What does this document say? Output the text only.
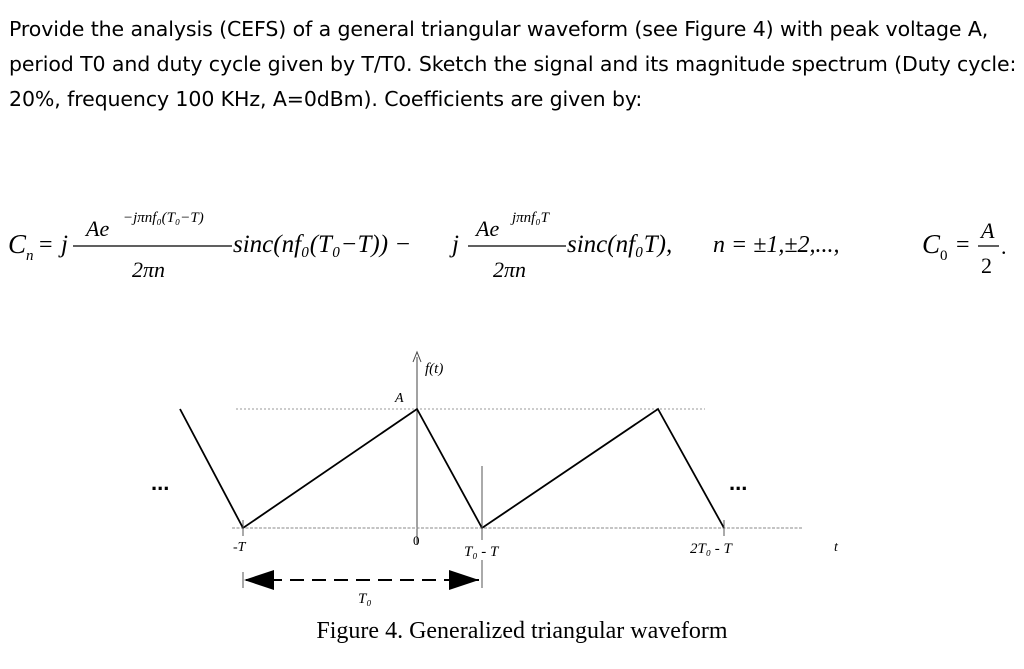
Provide the analysis (CEFS) of a general triangular waveform (see Figure 4) with peak voltage A,
period T0 and duty cycle given by T/T0. Sketch the signal and its magnitude spectrum (Duty cycle:
20%, frequency 100 KHz, A=0dBm). Coefficients are given by:
C n = j
Ae −jπnf₀(T₀−T)
2πn
sinc(nf₀(T₀−T)) − j
Ae jπnf₀T
2πn
sinc(nf₀T), n = ±1,±2,...,	C 0 =
A
2
.
f(t)
A
...	...
-T	0
T₀ - T	2T₀ - T	t
T₀
Figure 4. Generalized triangular waveform
